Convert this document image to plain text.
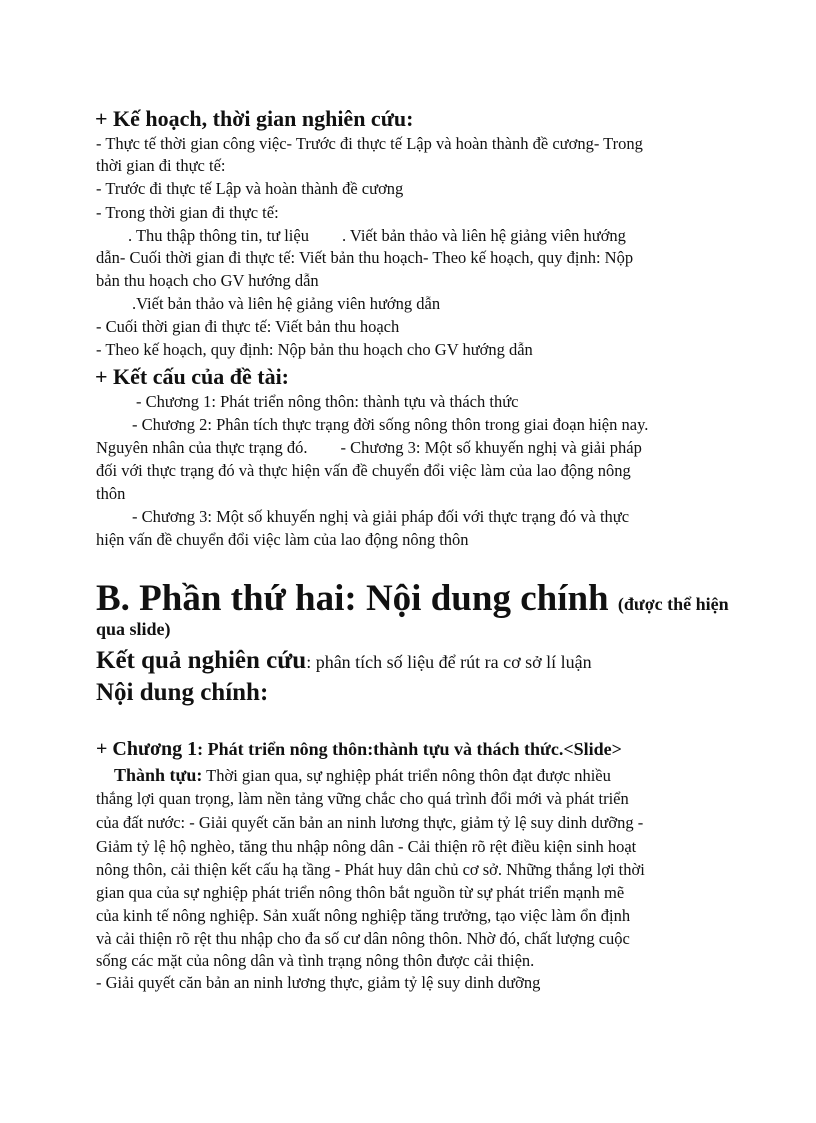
+ Kế hoạch, thời gian nghiên cứu:
- Thực tế thời gian công việc- Trước đi thực tế Lập và hoàn thành đề cương- Trong
thời gian đi thực tế:
- Trước đi thực tế Lập và hoàn thành đề cương
- Trong thời gian đi thực tế:
. Thu thập thông tin, tư liệu        . Viết bản thảo và liên hệ giảng viên hướng
dẫn- Cuối thời gian đi thực tế: Viết bản thu hoạch- Theo kế hoạch, quy định: Nộp
bản thu hoạch cho GV hướng dẫn
.Viết bản thảo và liên hệ giảng viên hướng dẫn
- Cuối thời gian đi thực tế: Viết bản thu hoạch
- Theo kế hoạch, quy định: Nộp bản thu hoạch cho GV hướng dẫn
+ Kết cấu của đề tài:
- Chương 1: Phát triển nông thôn: thành tựu và thách thức
- Chương 2: Phân tích thực trạng đời sống nông thôn trong giai đoạn hiện nay.
Nguyên nhân của thực trạng đó.        - Chương 3: Một số khuyến nghị và giải pháp
đối với thực trạng đó và thực hiện vấn đề chuyển đổi việc làm của lao động nông
thôn
- Chương 3: Một số khuyến nghị và giải pháp đối với thực trạng đó và thực
hiện vấn đề chuyển đổi việc làm của lao động nông thôn
B. Phần thứ hai: Nội dung chính (được thể hiện
qua slide)
Kết quả nghiên cứu: phân tích số liệu để rút ra cơ sở lí luận
Nội dung chính:
+ Chương 1: Phát triển nông thôn:thành tựu và thách thức.<Slide>
Thành tựu: Thời gian qua, sự nghiệp phát triển nông thôn đạt được nhiều
thắng lợi quan trọng, làm nền tảng vững chắc cho quá trình đổi mới và phát triển
của đất nước: - Giải quyết căn bản an ninh lương thực, giảm tỷ lệ suy dinh dưỡng -
Giảm tỷ lệ hộ nghèo, tăng thu nhập nông dân - Cải thiện rõ rệt điều kiện sinh hoạt
nông thôn, cải thiện kết cấu hạ tầng - Phát huy dân chủ cơ sở. Những thắng lợi thời
gian qua của sự nghiệp phát triển nông thôn bắt nguồn từ sự phát triển mạnh mẽ
của kinh tế nông nghiệp. Sản xuất nông nghiệp tăng trưởng, tạo việc làm ổn định
và cải thiện rõ rệt thu nhập cho đa số cư dân nông thôn. Nhờ đó, chất lượng cuộc
sống các mặt của nông dân và tình trạng nông thôn được cải thiện.
- Giải quyết căn bản an ninh lương thực, giảm tỷ lệ suy dinh dưỡng
